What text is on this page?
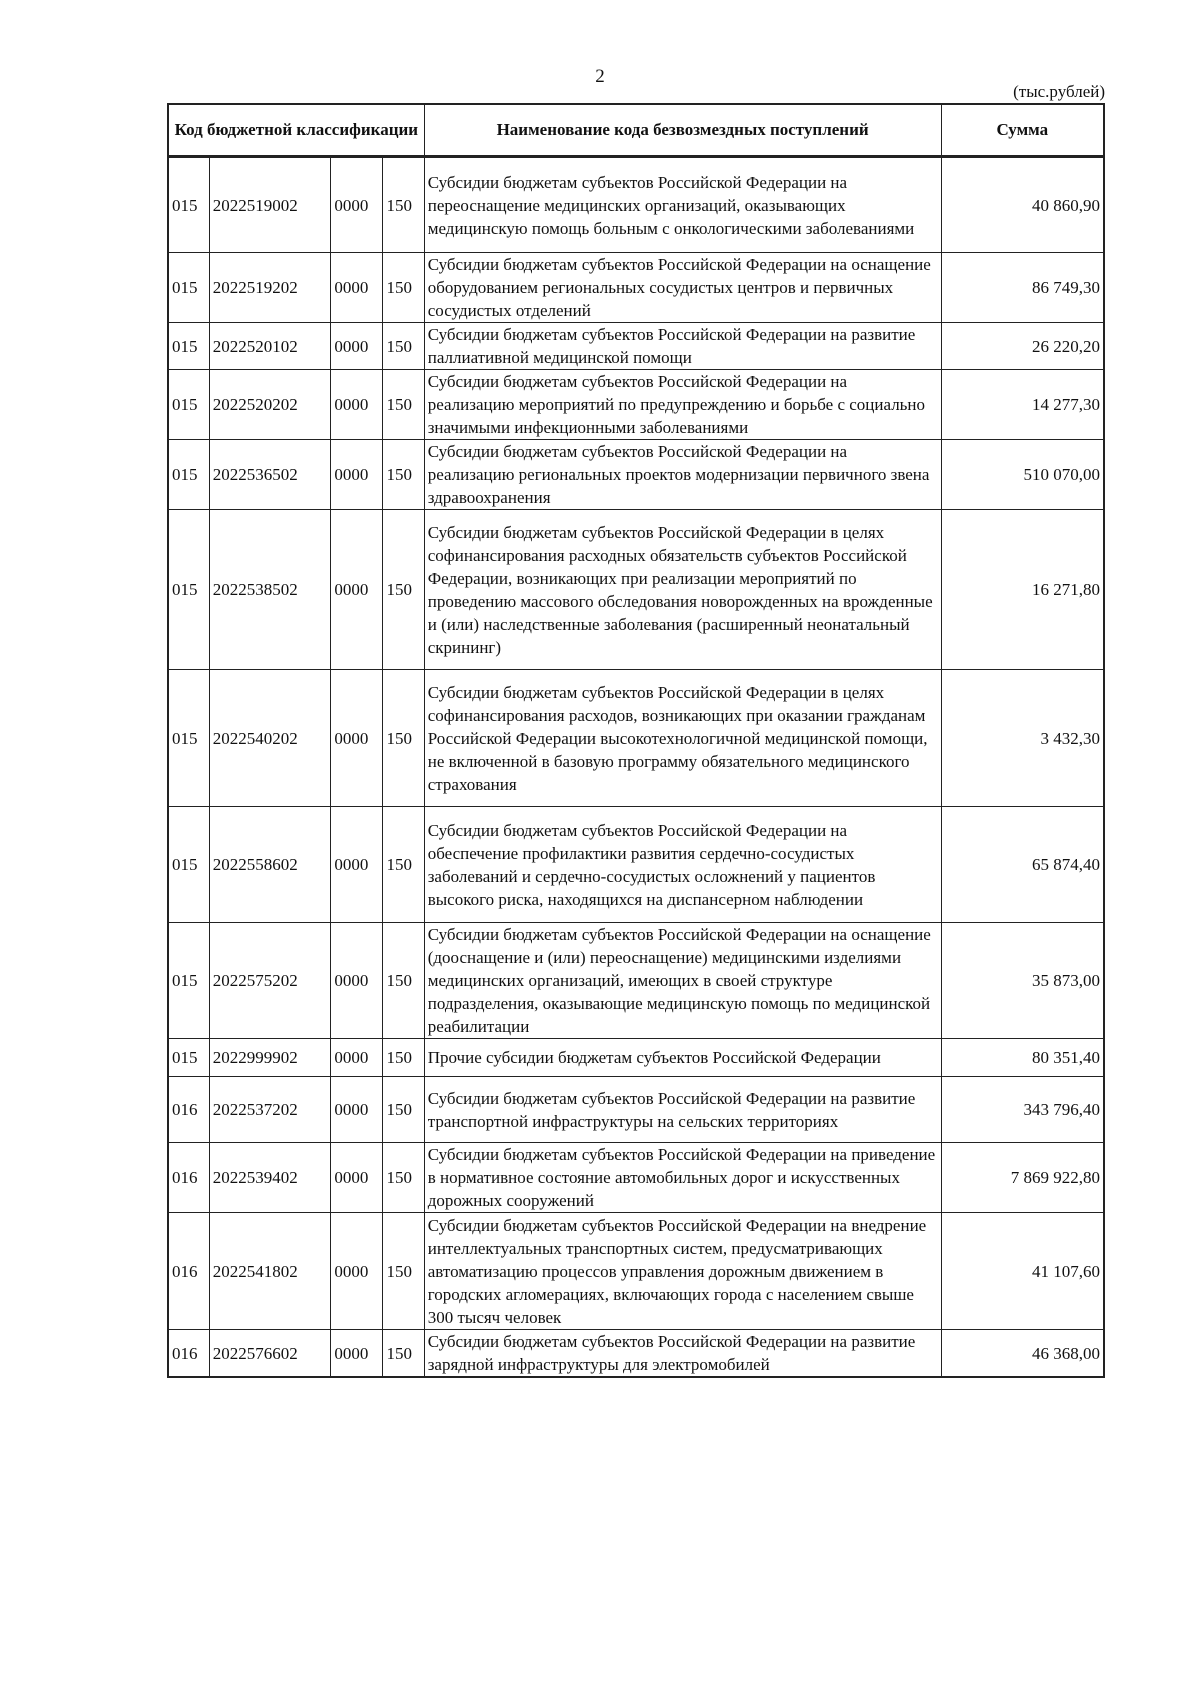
2
(тыс.рублей)
Код бюджетной классификации				Наименование кода безвозмездных поступлений	Сумма
015	2022519002	0000	150	Субсидии бюджетам субъектов Российской Федерации на переоснащение медицинских организаций, оказывающих медицинскую помощь больным с онкологическими заболеваниями	40 860,90
015	2022519202	0000	150	Субсидии бюджетам субъектов Российской Федерации на оснащение оборудованием региональных сосудистых центров и первичных сосудистых отделений	86 749,30
015	2022520102	0000	150	Субсидии бюджетам субъектов Российской Федерации на развитие паллиативной медицинской помощи	26 220,20
015	2022520202	0000	150	Субсидии бюджетам субъектов Российской Федерации на реализацию мероприятий по предупреждению и борьбе с социально значимыми инфекционными заболеваниями	14 277,30
015	2022536502	0000	150	Субсидии бюджетам субъектов Российской Федерации на реализацию региональных проектов модернизации первичного звена здравоохранения	510 070,00
015	2022538502	0000	150	Субсидии бюджетам субъектов Российской Федерации в целях софинансирования расходных обязательств субъектов Российской Федерации, возникающих при реализации мероприятий по проведению массового обследования новорожденных на врожденные и (или) наследственные заболевания (расширенный неонатальный скрининг)	16 271,80
015	2022540202	0000	150	Субсидии бюджетам субъектов Российской Федерации в целях софинансирования расходов, возникающих при оказании гражданам Российской Федерации высокотехнологичной медицинской помощи, не включенной в базовую программу обязательного медицинского страхования	3 432,30
015	2022558602	0000	150	Субсидии бюджетам субъектов Российской Федерации на обеспечение профилактики развития сердечно-сосудистых заболеваний и сердечно-сосудистых осложнений у пациентов высокого риска, находящихся на диспансерном наблюдении	65 874,40
015	2022575202	0000	150	Субсидии бюджетам субъектов Российской Федерации на оснащение (дооснащение и (или) переоснащение) медицинскими изделиями медицинских организаций, имеющих в своей структуре подразделения, оказывающие медицинскую помощь по медицинской реабилитации	35 873,00
015	2022999902	0000	150	Прочие субсидии бюджетам субъектов Российской Федерации	80 351,40
016	2022537202	0000	150	Субсидии бюджетам субъектов Российской Федерации на развитие транспортной инфраструктуры на сельских территориях	343 796,40
016	2022539402	0000	150	Субсидии бюджетам субъектов Российской Федерации на приведение в нормативное состояние автомобильных дорог и искусственных дорожных сооружений	7 869 922,80
016	2022541802	0000	150	Субсидии бюджетам субъектов Российской Федерации на внедрение интеллектуальных транспортных систем, предусматривающих автоматизацию процессов управления дорожным движением в городских агломерациях, включающих города с населением свыше 300 тысяч человек	41 107,60
016	2022576602	0000	150	Субсидии бюджетам субъектов Российской Федерации на развитие зарядной инфраструктуры для электромобилей	46 368,00
